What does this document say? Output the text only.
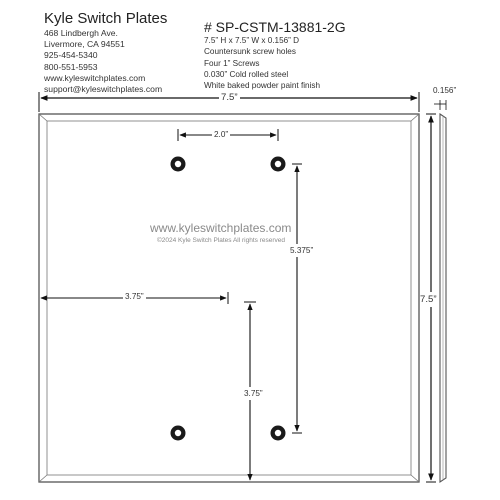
Kyle Switch Plates
468 Lindbergh Ave.
Livermore, CA 94551
925-454-5340
800-551-5953
www.kyleswitchplates.com
support@kyleswitchplates.com
# SP-CSTM-13881-2G
7.5” H x 7.5” W x 0.156” D
Countersunk screw holes
Four 1” Screws
0.030” Cold rolled steel
White baked powder paint finish
7.5”
0.156”
7.5”
2.0”
5.375”
3.75”
3.75”
www.kyleswitchplates.com
©2024 Kyle Switch Plates All rights reserved
